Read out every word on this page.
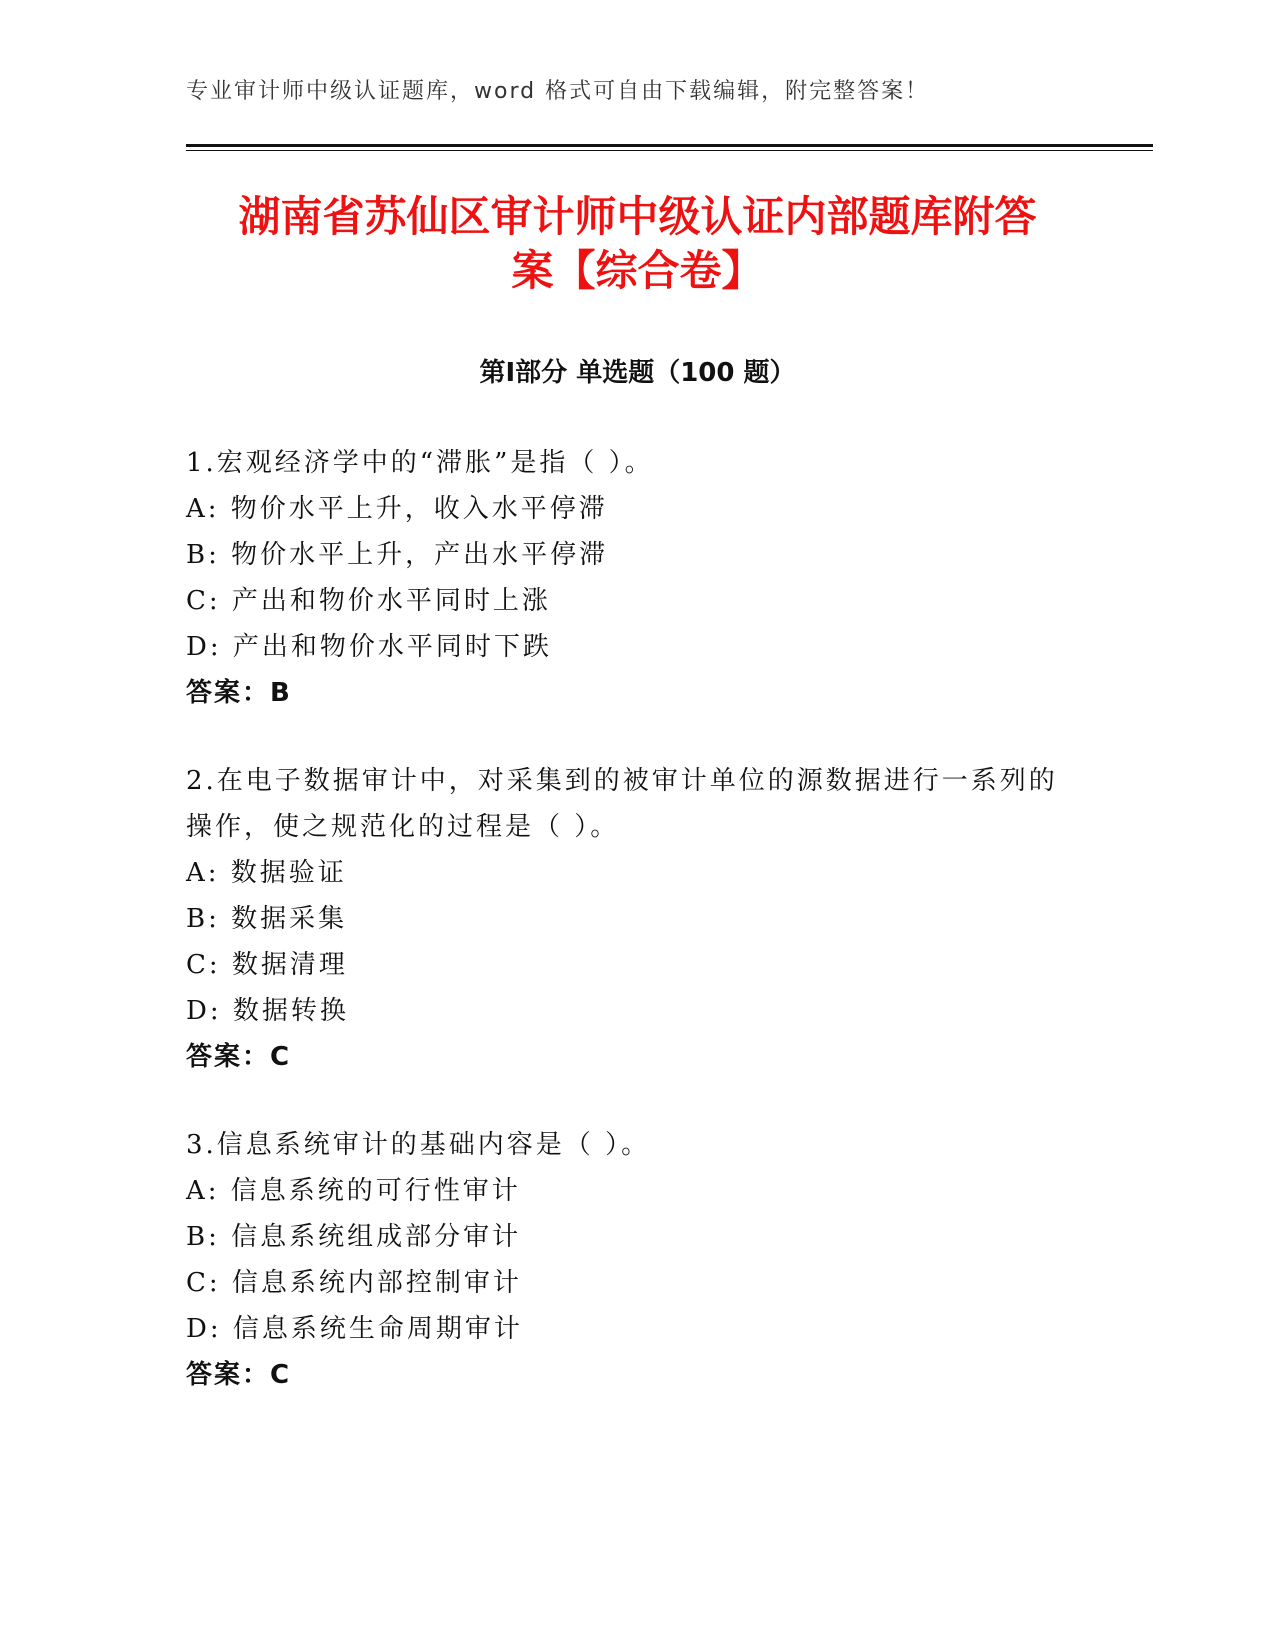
专业审计师中级认证题库，word 格式可自由下载编辑，附完整答案！
湖南省苏仙区审计师中级认证内部题库附答
案【综合卷】
第Ⅰ部分 单选题（100 题）
1.宏观经济学中的“滞胀”是指（ ）。
A: 物价水平上升，收入水平停滞
B: 物价水平上升，产出水平停滞
C: 产出和物价水平同时上涨
D: 产出和物价水平同时下跌
答案：B
2.在电子数据审计中，对采集到的被审计单位的源数据进行一系列的
操作，使之规范化的过程是（ ）。
A: 数据验证
B: 数据采集
C: 数据清理
D: 数据转换
答案：C
3.信息系统审计的基础内容是（ ）。
A: 信息系统的可行性审计
B: 信息系统组成部分审计
C: 信息系统内部控制审计
D: 信息系统生命周期审计
答案：C
